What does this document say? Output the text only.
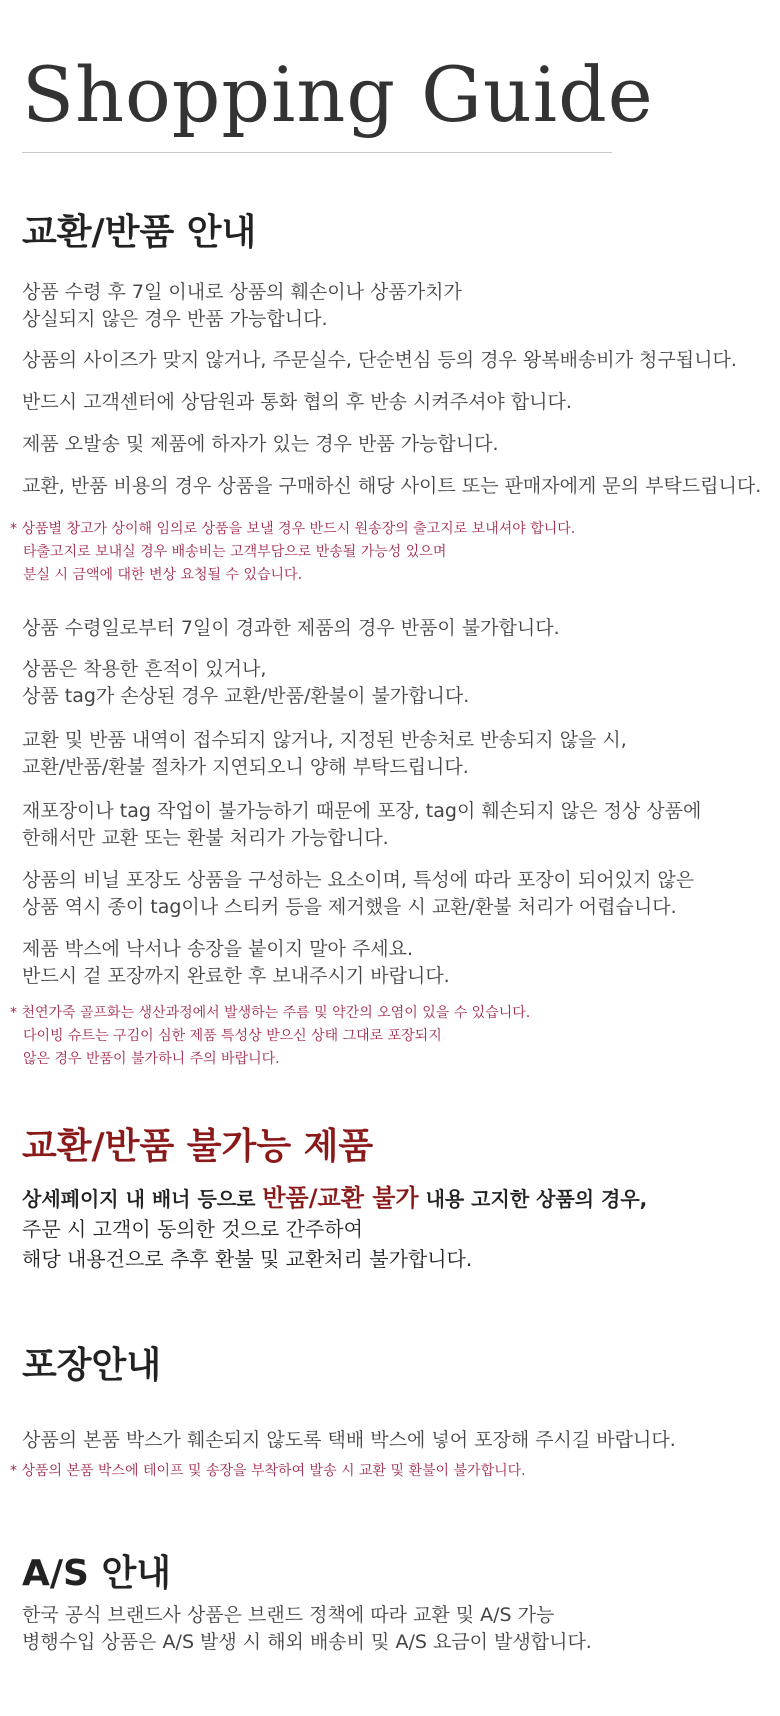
Shopping Guide
교환/반품 안내
상품 수령 후 7일 이내로 상품의 훼손이나 상품가치가
상실되지 않은 경우 반품 가능합니다.
상품의 사이즈가 맞지 않거나, 주문실수, 단순변심 등의 경우 왕복배송비가 청구됩니다.
반드시 고객센터에 상담원과 통화 협의 후 반송 시켜주셔야 합니다.
제품 오발송 및 제품에 하자가 있는 경우 반품 가능합니다.
교환, 반품 비용의 경우 상품을 구매하신 해당 사이트 또는 판매자에게 문의 부탁드립니다.
* 상품별 창고가 상이해 임의로 상품을 보낼 경우 반드시 원송장의 출고지로 보내셔야 합니다.
타출고지로 보내실 경우 배송비는 고객부담으로 반송될 가능성 있으며
분실 시 금액에 대한 변상 요청될 수 있습니다.
상품 수령일로부터 7일이 경과한 제품의 경우 반품이 불가합니다.
상품은 착용한 흔적이 있거나,
상품 tag가 손상된 경우 교환/반품/환불이 불가합니다.
교환 및 반품 내역이 접수되지 않거나, 지정된 반송처로 반송되지 않을 시,
교환/반품/환불 절차가 지연되오니 양해 부탁드립니다.
재포장이나 tag 작업이 불가능하기 때문에 포장, tag이 훼손되지 않은 정상 상품에
한해서만 교환 또는 환불 처리가 가능합니다.
상품의 비닐 포장도 상품을 구성하는 요소이며, 특성에 따라 포장이 되어있지 않은
상품 역시 종이 tag이나 스티커 등을 제거했을 시 교환/환불 처리가 어렵습니다.
제품 박스에 낙서나 송장을 붙이지 말아 주세요.
반드시 겉 포장까지 완료한 후 보내주시기 바랍니다.
* 천연가죽 골프화는 생산과정에서 발생하는 주름 및 약간의 오염이 있을 수 있습니다.
다이빙 슈트는 구김이 심한 제품 특성상 받으신 상태 그대로 포장되지
않은 경우 반품이 불가하니 주의 바랍니다.
교환/반품 불가능 제품
상세페이지 내 배너 등으로 반품/교환 불가 내용 고지한 상품의 경우,
주문 시 고객이 동의한 것으로 간주하여
해당 내용건으로 추후 환불 및 교환처리 불가합니다.
포장안내
상품의 본품 박스가 훼손되지 않도록 택배 박스에 넣어 포장해 주시길 바랍니다.
* 상품의 본품 박스에 테이프 및 송장을 부착하여 발송 시 교환 및 환불이 불가합니다.
A/S 안내
한국 공식 브랜드사 상품은 브랜드 정책에 따라 교환 및 A/S 가능
병행수입 상품은 A/S 발생 시 해외 배송비 및 A/S 요금이 발생합니다.
